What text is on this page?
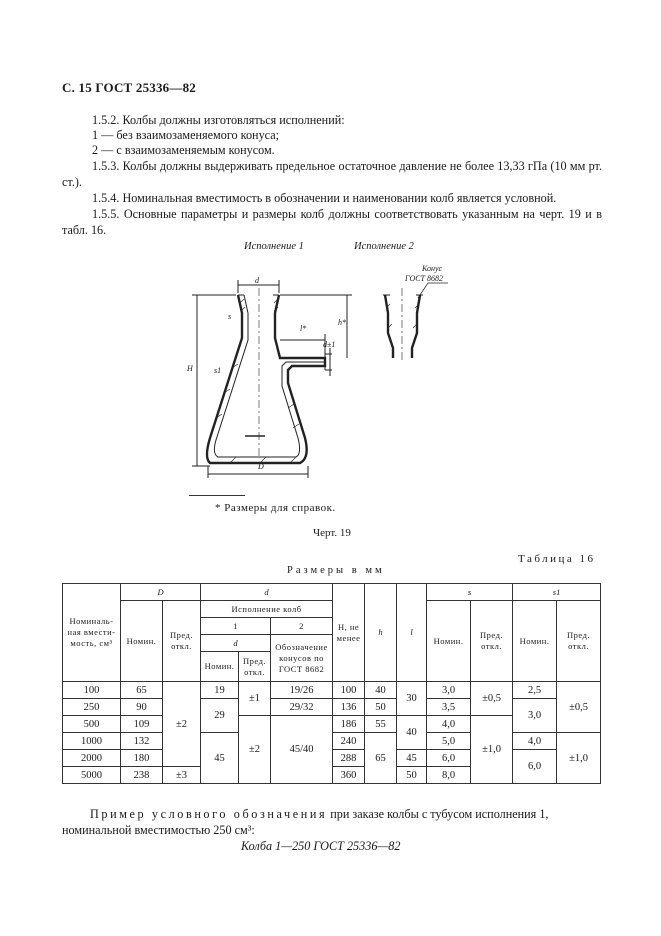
С. 15 ГОСТ 25336—82
1.5.2. Колбы должны изготовляться исполнений:
1 — без взаимозаменяемого конуса;
2 — с взаимозаменяемым конусом.
1.5.3. Колбы должны выдерживать предельное остаточное давление не более 13,33 гПа (10 мм рт. ст.).
1.5.4. Номинальная вместимость в обозначении и наименовании колб является условной.
1.5.5. Основные параметры и размеры колб должны соответствовать указанным на черт. 19 и в табл. 16.
Исполнение 1	Исполнение 2
d
D
H
h*
l*
s
s1
d±1
Конус
ГОСТ 8682
* Размеры для справок.
Черт. 19
Таблица 16
Размеры в мм
Номиналь-ная вмести-мость, см³	D		d			H, не менее	h	l	s		s1	
	Номин.	Пред. откл.	Исполнение колб						Номин.	Пред. откл.	Номин.	Пред. откл.
			1		2							
			d		Обозначение конусов по ГОСТ 8682							
			Номин.	Пред. откл.								
100	65	±2	19	±1	19/26	100	40	30	3,0	±0,5	2,5	±0,5
250	90		29		29/32	136	50		3,5		3,0	
500	109			±2	45/40	186	55	40	4,0	±1,0		
1000	132		45			240	65		5,0		4,0	±1,0
2000	180					288		45	6,0		6,0	
5000	238	±3				360		50	8,0			
Пример условного обозначения при заказе колбы с тубусом исполнения 1, номинальной вместимостью 250 см³:
Колба 1—250 ГОСТ 25336—82
